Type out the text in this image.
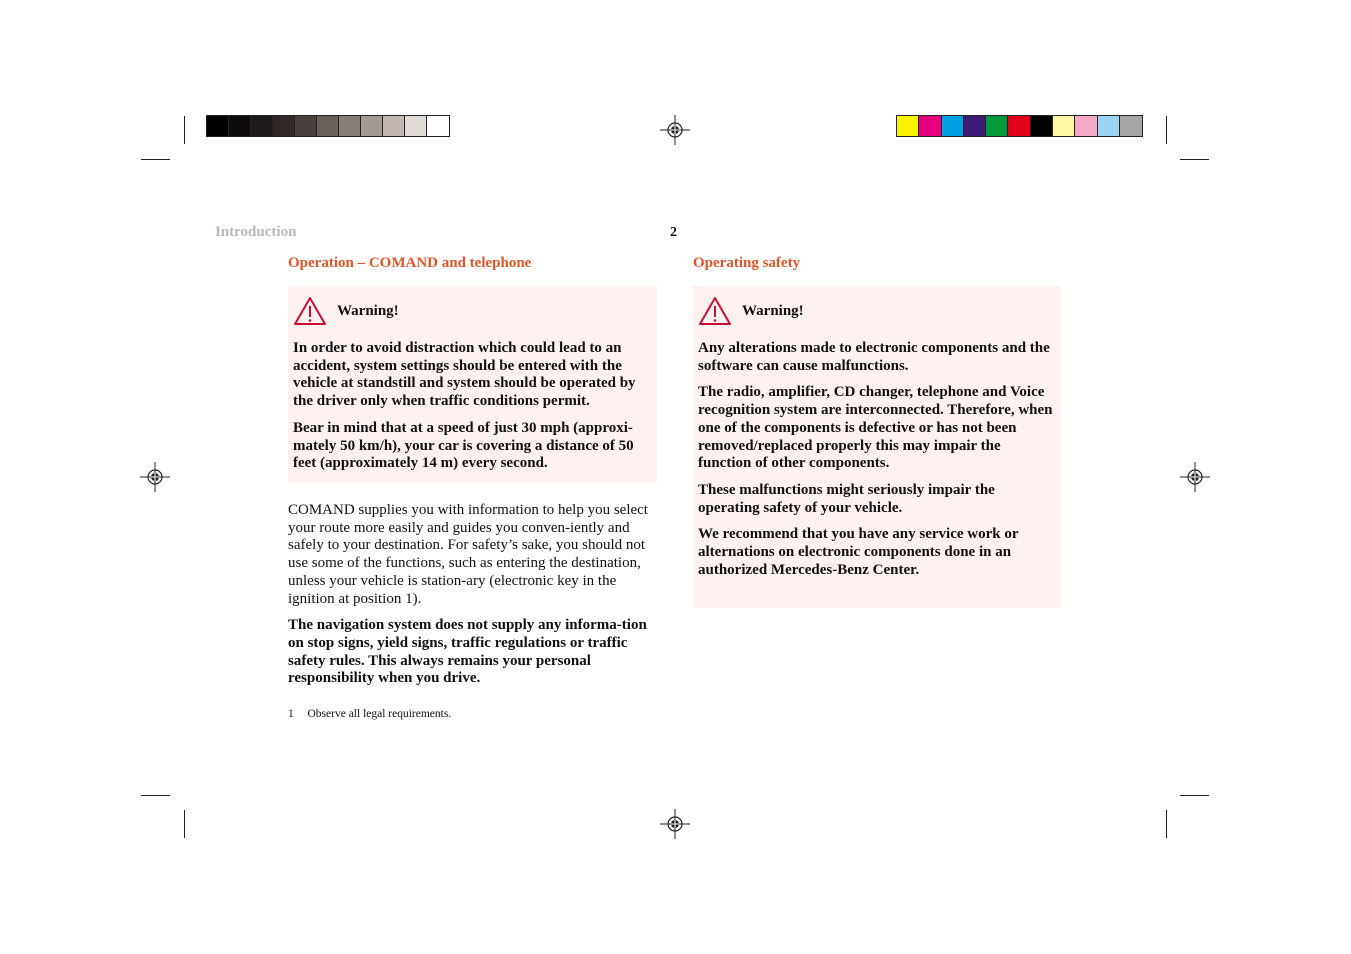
Introduction	2
Operation – COMAND and telephone
Warning!

In order to avoid distraction which could lead to an accident, system settings should be entered with the vehicle at standstill and system should be operated by the driver only when traffic conditions permit.

Bear in mind that at a speed of just 30 mph (approxi-mately 50 km/h), your car is covering a distance of 50 feet (approximately 14 m) every second.

COMAND supplies you with information to help you select your route more easily and guides you conven-iently and safely to your destination. For safety’s sake, you should not use some of the functions, such as entering the destination, unless your vehicle is station-ary (electronic key in the ignition at position 1).

The navigation system does not supply any informa-tion on stop signs, yield signs, traffic regulations or traffic safety rules. This always remains your personal responsibility when you drive.

1 Observe all legal requirements.
Operating safety
Warning!

Any alterations made to electronic components and the software can cause malfunctions.

The radio, amplifier, CD changer, telephone and Voice recognition system are interconnected. Therefore, when one of the components is defective or has not been removed/replaced properly this may impair the function of other components.

These malfunctions might seriously impair the operating safety of your vehicle.

We recommend that you have any service work or alternations on electronic components done in an authorized Mercedes-Benz Center.
